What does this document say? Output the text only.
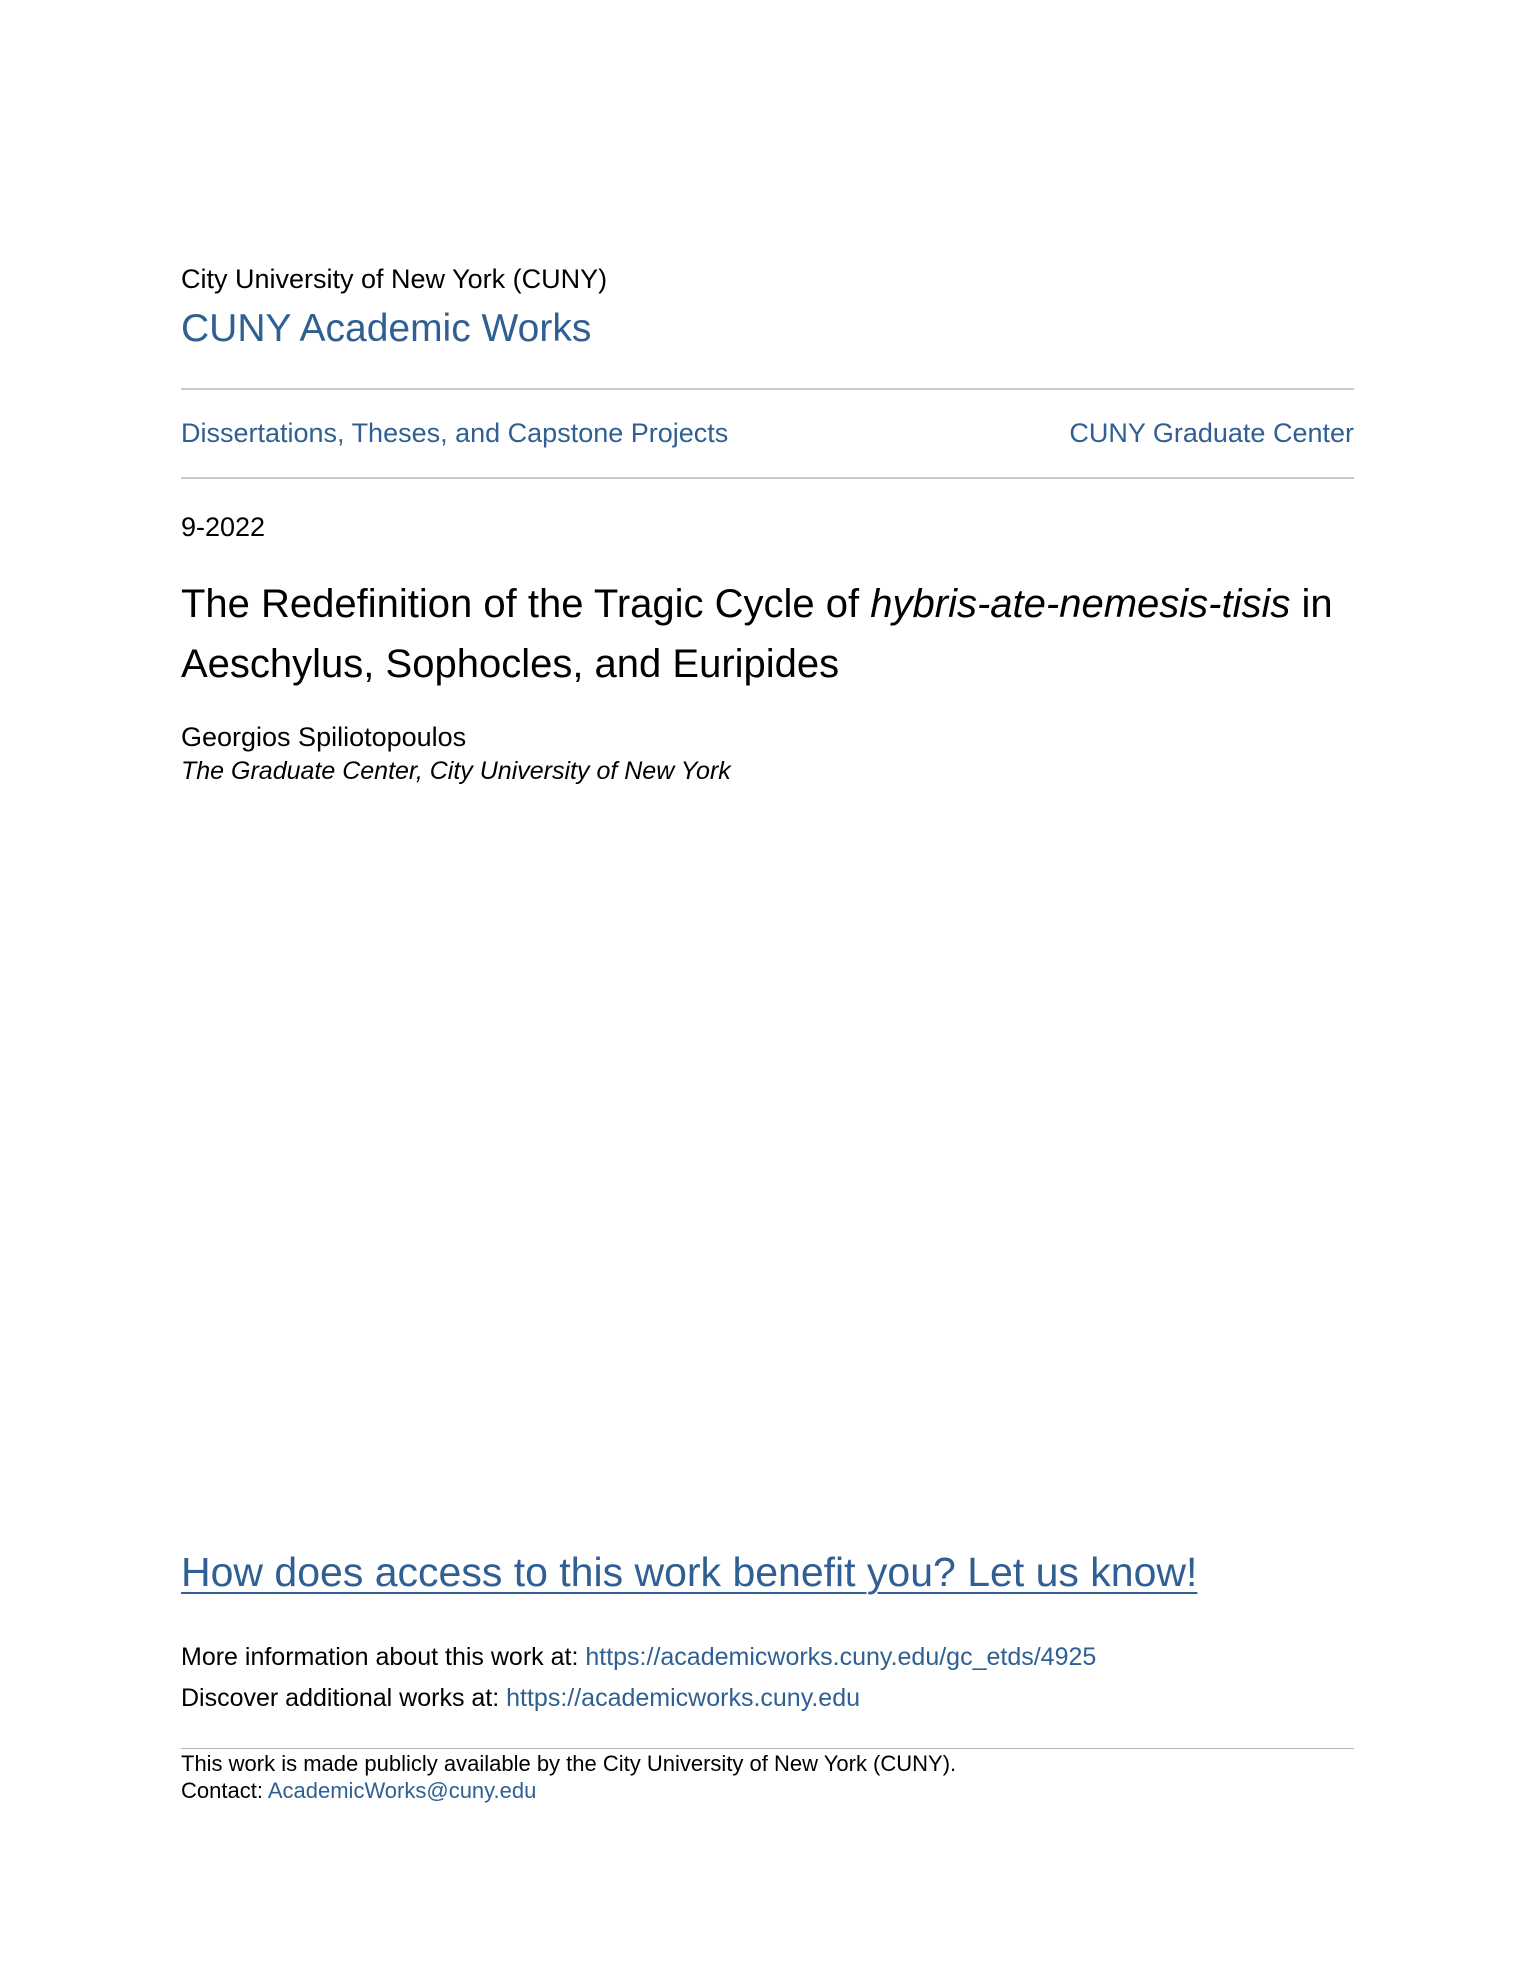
City University of New York (CUNY)
CUNY Academic Works
Dissertations, Theses, and Capstone Projects	CUNY Graduate Center
9-2022
The Redefinition of the Tragic Cycle of hybris-ate-nemesis-tisis in Aeschylus, Sophocles, and Euripides
Georgios Spiliotopoulos
The Graduate Center, City University of New York
How does access to this work benefit you? Let us know!
More information about this work at: https://academicworks.cuny.edu/gc_etds/4925
Discover additional works at: https://academicworks.cuny.edu
This work is made publicly available by the City University of New York (CUNY).
Contact: AcademicWorks@cuny.edu
